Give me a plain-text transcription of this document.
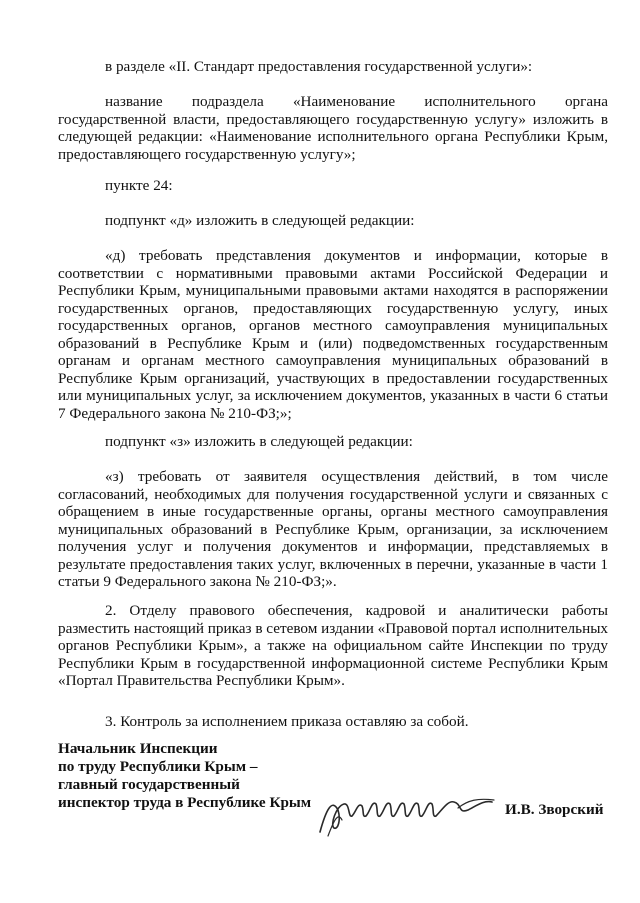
в разделе «II. Стандарт предоставления государственной услуги»:

название подраздела «Наименование исполнительного органа государственной власти, предоставляющего государственную услугу» изложить в следующей редакции: «Наименование исполнительного органа Республики Крым, предоставляющего государственную услугу»;

пункте 24:

подпункт «д» изложить в следующей редакции:

«д) требовать представления документов и информации, которые в соответствии с нормативными правовыми актами Российской Федерации и Республики Крым, муниципальными правовыми актами находятся в распоряжении государственных органов, предоставляющих государственную услугу, иных государственных органов, органов местного самоуправления муниципальных образований в Республике Крым и (или) подведомственных государственным органам и органам местного самоуправления муниципальных образований в Республике Крым организаций, участвующих в предоставлении государственных или муниципальных услуг, за исключением документов, указанных в части 6 статьи 7 Федерального закона № 210-ФЗ;»;

подпункт «з» изложить в следующей редакции:

«з) требовать от заявителя осуществления действий, в том числе согласований, необходимых для получения государственной услуги и связанных с обращением в иные государственные органы, органы местного самоуправления муниципальных образований в Республике Крым, организации, за исключением получения услуг и получения документов и информации, представляемых в результате предоставления таких услуг, включенных в перечни, указанные в части 1 статьи 9 Федерального закона № 210-ФЗ;».

2. Отделу правового обеспечения, кадровой и аналитически работы разместить настоящий приказ в сетевом издании «Правовой портал исполнительных органов Республики Крым», а также на официальном сайте Инспекции по труду Республики Крым в государственной информационной системе Республики Крым «Портал Правительства Республики Крым».

3. Контроль за исполнением приказа оставляю за собой.

Начальник Инспекции
по труду Республики Крым –
главный государственный
инспектор труда в Республике Крым	И.В. Зворский
